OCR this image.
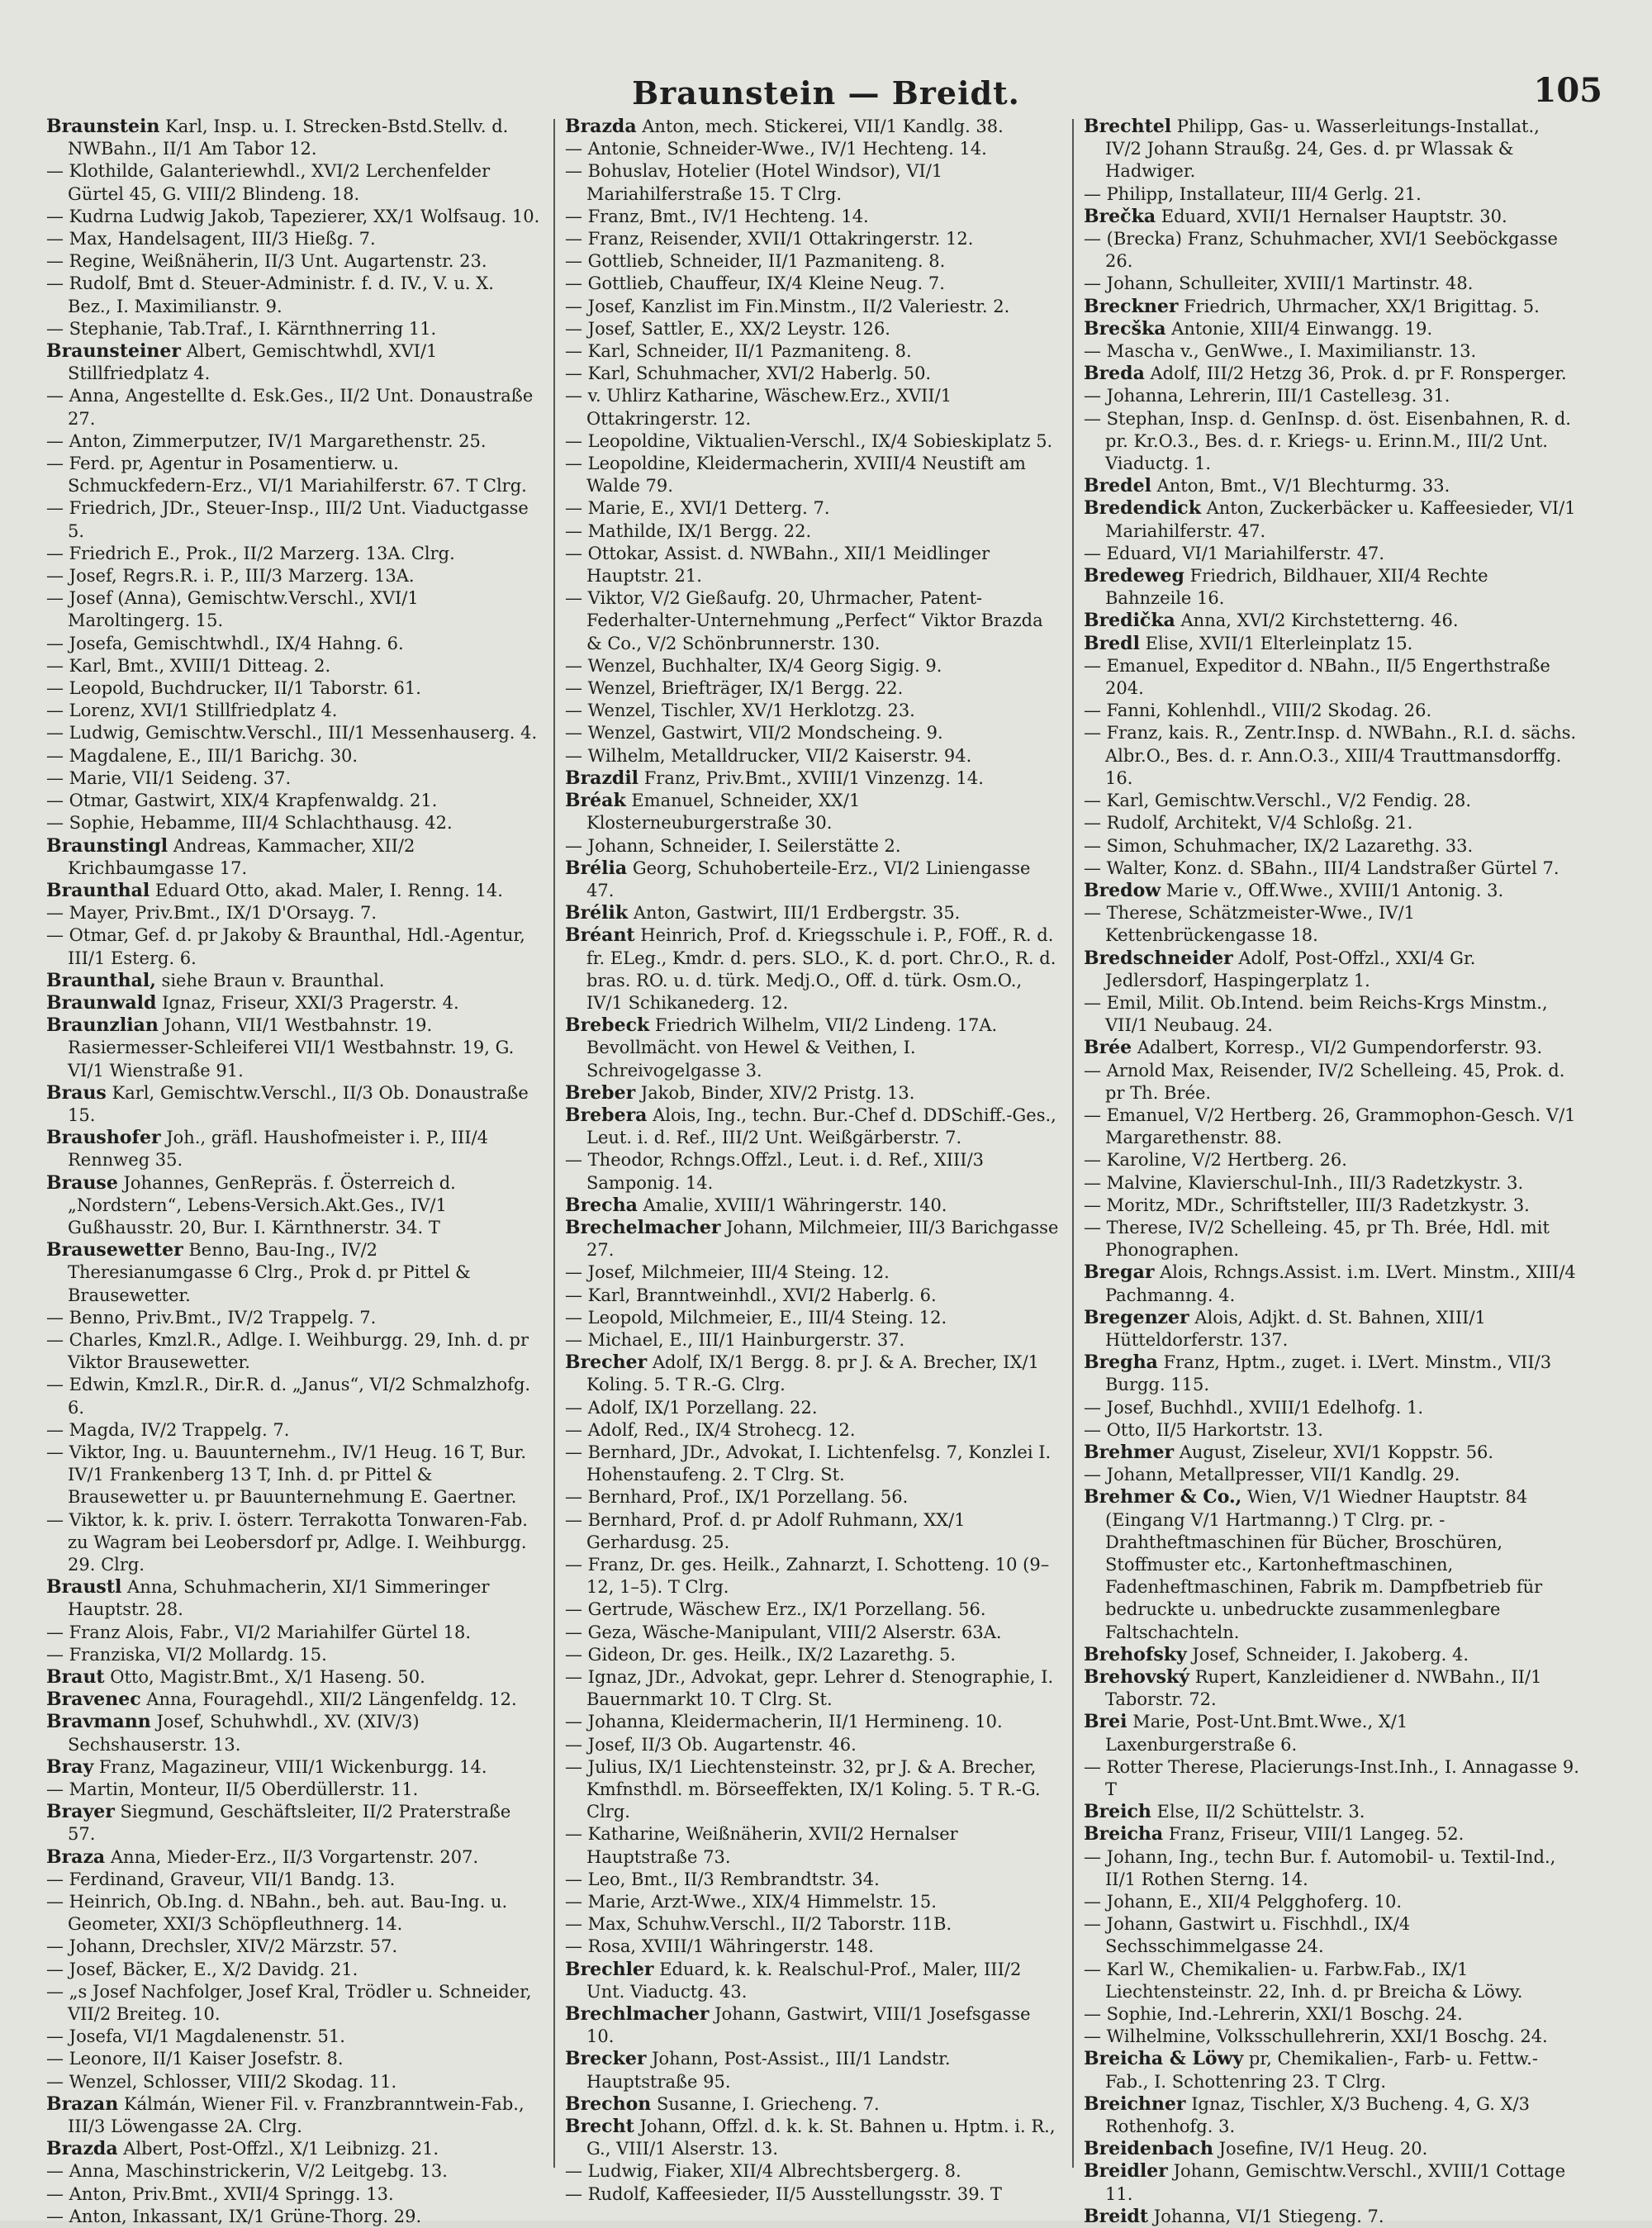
Braunstein — Breidt.	105

Braunstein Karl, Insp. u. I. Strecken-Bstd.Stellv. d. NWBahn., II/1 Am Tabor 12.

— Klothilde, Galanteriewhdl., XVI/2 Lerchenfelder Gürtel 45, G. VIII/2 Blindeng. 18.

— Kudrna Ludwig Jakob, Tapezierer, XX/1 Wolfsaug. 10.

— Max, Handelsagent, III/3 Hießg. 7.

— Regine, Weißnäherin, II/3 Unt. Augartenstr. 23.

— Rudolf, Bmt d. Steuer-Administr. f. d. IV., V. u. X. Bez., I. Maximilianstr. 9.

— Stephanie, Tab.Traf., I. Kärnthnerring 11.

Braunsteiner Albert, Gemischtwhdl, XVI/1 Stillfriedplatz 4.

— Anna, Angestellte d. Esk.Ges., II/2 Unt. Donaustraße 27.

— Anton, Zimmerputzer, IV/1 Margarethenstr. 25.

— Ferd. pr, Agentur in Posamentierw. u. Schmuckfedern-Erz., VI/1 Mariahilferstr. 67. T Clrg.

— Friedrich, JDr., Steuer-Insp., III/2 Unt. Viaductgasse 5.

— Friedrich E., Prok., II/2 Marzerg. 13A. Clrg.

— Josef, Regrs.R. i. P., III/3 Marzerg. 13A.

— Josef (Anna), Gemischtw.Verschl., XVI/1 Maroltingerg. 15.

— Josefa, Gemischtwhdl., IX/4 Hahng. 6.

— Karl, Bmt., XVIII/1 Ditteag. 2.

— Leopold, Buchdrucker, II/1 Taborstr. 61.

— Lorenz, XVI/1 Stillfriedplatz 4.

— Ludwig, Gemischtw.Verschl., III/1 Messenhauserg. 4.

— Magdalene, E., III/1 Barichg. 30.

— Marie, VII/1 Seideng. 37.

— Otmar, Gastwirt, XIX/4 Krapfenwaldg. 21.

— Sophie, Hebamme, III/4 Schlachthausg. 42.

Braunstingl Andreas, Kammacher, XII/2 Krichbaumgasse 17.

Braunthal Eduard Otto, akad. Maler, I. Renng. 14.

— Mayer, Priv.Bmt., IX/1 D'Orsayg. 7.

— Otmar, Gef. d. pr Jakoby & Braunthal, Hdl.-Agentur, III/1 Esterg. 6.

Braunthal, siehe Braun v. Braunthal.

Braunwald Ignaz, Friseur, XXI/3 Pragerstr. 4.

Braunzlian Johann, VII/1 Westbahnstr. 19. Rasiermesser-Schleiferei VII/1 Westbahnstr. 19, G. VI/1 Wienstraße 91.

Braus Karl, Gemischtw.Verschl., II/3 Ob. Donaustraße 15.

Braushofer Joh., gräfl. Haushofmeister i. P., III/4 Rennweg 35.

Brause Johannes, GenRepräs. f. Österreich d. „Nordstern“, Lebens-Versich.Akt.Ges., IV/1 Gußhausstr. 20, Bur. I. Kärnthnerstr. 34. T

Brausewetter Benno, Bau-Ing., IV/2 Theresianumgasse 6 Clrg., Prok d. pr Pittel & Brausewetter.

— Benno, Priv.Bmt., IV/2 Trappelg. 7.

— Charles, Kmzl.R., Adlge. I. Weihburgg. 29, Inh. d. pr Viktor Brausewetter.

— Edwin, Kmzl.R., Dir.R. d. „Janus“, VI/2 Schmalzhofg. 6.

— Magda, IV/2 Trappelg. 7.

— Viktor, Ing. u. Bauunternehm., IV/1 Heug. 16 T, Bur. IV/1 Frankenberg 13 T, Inh. d. pr Pittel & Brausewetter u. pr Bauunternehmung E. Gaertner.

— Viktor, k. k. priv. I. österr. Terrakotta Tonwaren-Fab. zu Wagram bei Leobersdorf pr, Adlge. I. Weihburgg. 29. Clrg.

Braustl Anna, Schuhmacherin, XI/1 Simmeringer Hauptstr. 28.

— Franz Alois, Fabr., VI/2 Mariahilfer Gürtel 18.

— Franziska, VI/2 Mollardg. 15.

Braut Otto, Magistr.Bmt., X/1 Haseng. 50.

Bravenec Anna, Fouragehdl., XII/2 Längenfeldg. 12.

Bravmann Josef, Schuhwhdl., XV. (XIV/3) Sechshauserstr. 13.

Bray Franz, Magazineur, VIII/1 Wickenburgg. 14.

— Martin, Monteur, II/5 Oberdüllerstr. 11.

Brayer Siegmund, Geschäftsleiter, II/2 Praterstraße 57.

Braza Anna, Mieder-Erz., II/3 Vorgartenstr. 207.

— Ferdinand, Graveur, VII/1 Bandg. 13.

— Heinrich, Ob.Ing. d. NBahn., beh. aut. Bau-Ing. u. Geometer, XXI/3 Schöpfleuthnerg. 14.

— Johann, Drechsler, XIV/2 Märzstr. 57.

— Josef, Bäcker, E., X/2 Davidg. 21.

— „s Josef Nachfolger, Josef Kral, Trödler u. Schneider, VII/2 Breiteg. 10.

— Josefa, VI/1 Magdalenenstr. 51.

— Leonore, II/1 Kaiser Josefstr. 8.

— Wenzel, Schlosser, VIII/2 Skodag. 11.

Brazan Kálmán, Wiener Fil. v. Franzbranntwein-Fab., III/3 Löwengasse 2A. Clrg.

Brazda Albert, Post-Offzl., X/1 Leibnizg. 21.

— Anna, Maschinstrickerin, V/2 Leitgebg. 13.

— Anton, Priv.Bmt., XVII/4 Springg. 13.

— Anton, Inkassant, IX/1 Grüne-Thorg. 29.

Brazda Anton, mech. Stickerei, VII/1 Kandlg. 38.

— Antonie, Schneider-Wwe., IV/1 Hechteng. 14.

— Bohuslav, Hotelier (Hotel Windsor), VI/1 Mariahilferstraße 15. T Clrg.

— Franz, Bmt., IV/1 Hechteng. 14.

— Franz, Reisender, XVII/1 Ottakringerstr. 12.

— Gottlieb, Schneider, II/1 Pazmaniteng. 8.

— Gottlieb, Chauffeur, IX/4 Kleine Neug. 7.

— Josef, Kanzlist im Fin.Minstm., II/2 Valeriestr. 2.

— Josef, Sattler, E., XX/2 Leystr. 126.

— Karl, Schneider, II/1 Pazmaniteng. 8.

— Karl, Schuhmacher, XVI/2 Haberlg. 50.

— v. Uhlirz Katharine, Wäschew.Erz., XVII/1 Ottakringerstr. 12.

— Leopoldine, Viktualien-Verschl., IX/4 Sobieskiplatz 5.

— Leopoldine, Kleidermacherin, XVIII/4 Neustift am Walde 79.

— Marie, E., XVI/1 Detterg. 7.

— Mathilde, IX/1 Bergg. 22.

— Ottokar, Assist. d. NWBahn., XII/1 Meidlinger Hauptstr. 21.

— Viktor, V/2 Gießaufg. 20, Uhrmacher, Patent-Federhalter-Unternehmung „Perfect“ Viktor Brazda & Co., V/2 Schönbrunnerstr. 130.

— Wenzel, Buchhalter, IX/4 Georg Sigig. 9.

— Wenzel, Briefträger, IX/1 Bergg. 22.

— Wenzel, Tischler, XV/1 Herklotzg. 23.

— Wenzel, Gastwirt, VII/2 Mondscheing. 9.

— Wilhelm, Metalldrucker, VII/2 Kaiserstr. 94.

Brazdil Franz, Priv.Bmt., XVIII/1 Vinzenzg. 14.

Bréak Emanuel, Schneider, XX/1 Klosterneuburgerstraße 30.

— Johann, Schneider, I. Seilerstätte 2.

Brélia Georg, Schuhoberteile-Erz., VI/2 Liniengasse 47.

Brélik Anton, Gastwirt, III/1 Erdbergstr. 35.

Bréant Heinrich, Prof. d. Kriegsschule i. P., FOff., R. d. fr. ELeg., Kmdr. d. pers. SLO., K. d. port. Chr.O., R. d. bras. RO. u. d. türk. Medj.O., Off. d. türk. Osm.O., IV/1 Schikanederg. 12.

Brebeck Friedrich Wilhelm, VII/2 Lindeng. 17A. Bevollmächt. von Hewel & Veithen, I. Schreivogelgasse 3.

Breber Jakob, Binder, XIV/2 Pristg. 13.

Brebera Alois, Ing., techn. Bur.-Chef d. DDSchiff.-Ges., Leut. i. d. Ref., III/2 Unt. Weißgärberstr. 7.

— Theodor, Rchngs.Offzl., Leut. i. d. Ref., XIII/3 Samponig. 14.

Brecha Amalie, XVIII/1 Währingerstr. 140.

Brechelmacher Johann, Milchmeier, III/3 Barichgasse 27.

— Josef, Milchmeier, III/4 Steing. 12.

— Karl, Branntweinhdl., XVI/2 Haberlg. 6.

— Leopold, Milchmeier, E., III/4 Steing. 12.

— Michael, E., III/1 Hainburgerstr. 37.

Brecher Adolf, IX/1 Bergg. 8. pr J. & A. Brecher, IX/1 Koling. 5. T R.-G. Clrg.

— Adolf, IX/1 Porzellang. 22.

— Adolf, Red., IX/4 Strohecg. 12.

— Bernhard, JDr., Advokat, I. Lichtenfelsg. 7, Konzlei I. Hohenstaufeng. 2. T Clrg. St.

— Bernhard, Prof., IX/1 Porzellang. 56.

— Bernhard, Prof. d. pr Adolf Ruhmann, XX/1 Gerhardusg. 25.

— Franz, Dr. ges. Heilk., Zahnarzt, I. Schotteng. 10 (9–12, 1–5). T Clrg.

— Gertrude, Wäschew Erz., IX/1 Porzellang. 56.

— Geza, Wäsche-Manipulant, VIII/2 Alserstr. 63A.

— Gideon, Dr. ges. Heilk., IX/2 Lazarethg. 5.

— Ignaz, JDr., Advokat, gepr. Lehrer d. Stenographie, I. Bauernmarkt 10. T Clrg. St.

— Johanna, Kleidermacherin, II/1 Hermineng. 10.

— Josef, II/3 Ob. Augartenstr. 46.

— Julius, IX/1 Liechtensteinstr. 32, pr J. & A. Brecher, Kmfnsthdl. m. Börseeffekten, IX/1 Koling. 5. T R.-G. Clrg.

— Katharine, Weißnäherin, XVII/2 Hernalser Hauptstraße 73.

— Leo, Bmt., II/3 Rembrandtstr. 34.

— Marie, Arzt-Wwe., XIX/4 Himmelstr. 15.

— Max, Schuhw.Verschl., II/2 Taborstr. 11B.

— Rosa, XVIII/1 Währingerstr. 148.

Brechler Eduard, k. k. Realschul-Prof., Maler, III/2 Unt. Viaductg. 43.

Brechlmacher Johann, Gastwirt, VIII/1 Josefsgasse 10.

Brecker Johann, Post-Assist., III/1 Landstr. Hauptstraße 95.

Brechon Susanne, I. Griecheng. 7.

Brecht Johann, Offzl. d. k. k. St. Bahnen u. Hptm. i. R., G., VIII/1 Alserstr. 13.

— Ludwig, Fiaker, XII/4 Albrechtsbergerg. 8.

— Rudolf, Kaffeesieder, II/5 Ausstellungsstr. 39. T

Brechtel Philipp, Gas- u. Wasserleitungs-Installat., IV/2 Johann Straußg. 24, Ges. d. pr Wlassak & Hadwiger.

— Philipp, Installateur, III/4 Gerlg. 21.

Brečka Eduard, XVII/1 Hernalser Hauptstr. 30.

— (Brecka) Franz, Schuhmacher, XVI/1 Seeböckgasse 26.

— Johann, Schulleiter, XVIII/1 Martinstr. 48.

Breckner Friedrich, Uhrmacher, XX/1 Brigittag. 5.

Brecška Antonie, XIII/4 Einwangg. 19.

— Mascha v., GenWwe., I. Maximilianstr. 13.

Breda Adolf, III/2 Hetzg 36, Prok. d. pr F. Ronsperger.

— Johanna, Lehrerin, III/1 Castelleзg. 31.

— Stephan, Insp. d. GenInsp. d. öst. Eisenbahnen, R. d. pr. Kr.O.3., Bes. d. r. Kriegs- u. Erinn.M., III/2 Unt. Viaductg. 1.

Bredel Anton, Bmt., V/1 Blechturmg. 33.

Bredendick Anton, Zuckerbäcker u. Kaffeesieder, VI/1 Mariahilferstr. 47.

— Eduard, VI/1 Mariahilferstr. 47.

Bredeweg Friedrich, Bildhauer, XII/4 Rechte Bahnzeile 16.

Bredička Anna, XVI/2 Kirchstetterng. 46.

Bredl Elise, XVII/1 Elterleinplatz 15.

— Emanuel, Expeditor d. NBahn., II/5 Engerthstraße 204.

— Fanni, Kohlenhdl., VIII/2 Skodag. 26.

— Franz, kais. R., Zentr.Insp. d. NWBahn., R.I. d. sächs. Albr.O., Bes. d. r. Ann.O.3., XIII/4 Trauttmansdorffg. 16.

— Karl, Gemischtw.Verschl., V/2 Fendig. 28.

— Rudolf, Architekt, V/4 Schloßg. 21.

— Simon, Schuhmacher, IX/2 Lazarethg. 33.

— Walter, Konz. d. SBahn., III/4 Landstraßer Gürtel 7.

Bredow Marie v., Off.Wwe., XVIII/1 Antonig. 3.

— Therese, Schätzmeister-Wwe., IV/1 Kettenbrückengasse 18.

Bredschneider Adolf, Post-Offzl., XXI/4 Gr. Jedlersdorf, Haspingerplatz 1.

— Emil, Milit. Ob.Intend. beim Reichs-Krgs Minstm., VII/1 Neubaug. 24.

Brée Adalbert, Korresp., VI/2 Gumpendorferstr. 93.

— Arnold Max, Reisender, IV/2 Schelleing. 45, Prok. d. pr Th. Brée.

— Emanuel, V/2 Hertberg. 26, Grammophon-Gesch. V/1 Margarethenstr. 88.

— Karoline, V/2 Hertberg. 26.

— Malvine, Klavierschul-Inh., III/3 Radetzkystr. 3.

— Moritz, MDr., Schriftsteller, III/3 Radetzkystr. 3.

— Therese, IV/2 Schelleing. 45, pr Th. Brée, Hdl. mit Phonographen.

Bregar Alois, Rchngs.Assist. i.m. LVert. Minstm., XIII/4 Pachmanng. 4.

Bregenzer Alois, Adjkt. d. St. Bahnen, XIII/1 Hütteldorferstr. 137.

Bregha Franz, Hptm., zuget. i. LVert. Minstm., VII/3 Burgg. 115.

— Josef, Buchhdl., XVIII/1 Edelhofg. 1.

— Otto, II/5 Harkortstr. 13.

Brehmer August, Ziseleur, XVI/1 Koppstr. 56.

— Johann, Metallpresser, VII/1 Kandlg. 29.

Brehmer & Co., Wien, V/1 Wiedner Hauptstr. 84 (Eingang V/1 Hartmanng.) T Clrg. pr. -Drahtheftmaschinen für Bücher, Broschüren, Stoffmuster etc., Kartonheftmaschinen, Fadenheftmaschinen, Fabrik m. Dampfbetrieb für bedruckte u. unbedruckte zusammenlegbare Faltschachteln.

Brehofsky Josef, Schneider, I. Jakoberg. 4.

Brehovský Rupert, Kanzleidiener d. NWBahn., II/1 Taborstr. 72.

Brei Marie, Post-Unt.Bmt.Wwe., X/1 Laxenburgerstraße 6.

— Rotter Therese, Placierungs-Inst.Inh., I. Annagasse 9. T

Breich Else, II/2 Schüttelstr. 3.

Breicha Franz, Friseur, VIII/1 Langeg. 52.

— Johann, Ing., techn Bur. f. Automobil- u. Textil-Ind., II/1 Rothen Sterng. 14.

— Johann, E., XII/4 Pelgghoferg. 10.

— Johann, Gastwirt u. Fischhdl., IX/4 Sechsschimmelgasse 24.

— Karl W., Chemikalien- u. Farbw.Fab., IX/1 Liechtensteinstr. 22, Inh. d. pr Breicha & Löwy.

— Sophie, Ind.-Lehrerin, XXI/1 Boschg. 24.

— Wilhelmine, Volksschullehrerin, XXI/1 Boschg. 24.

Breicha & Löwy pr, Chemikalien-, Farb- u. Fettw.-Fab., I. Schottenring 23. T Clrg.

Breichner Ignaz, Tischler, X/3 Bucheng. 4, G. X/3 Rothenhofg. 3.

Breidenbach Josefine, IV/1 Heug. 20.

Breidler Johann, Gemischtw.Verschl., XVIII/1 Cottage 11.

Breidt Johanna, VI/1 Stiegeng. 7.
